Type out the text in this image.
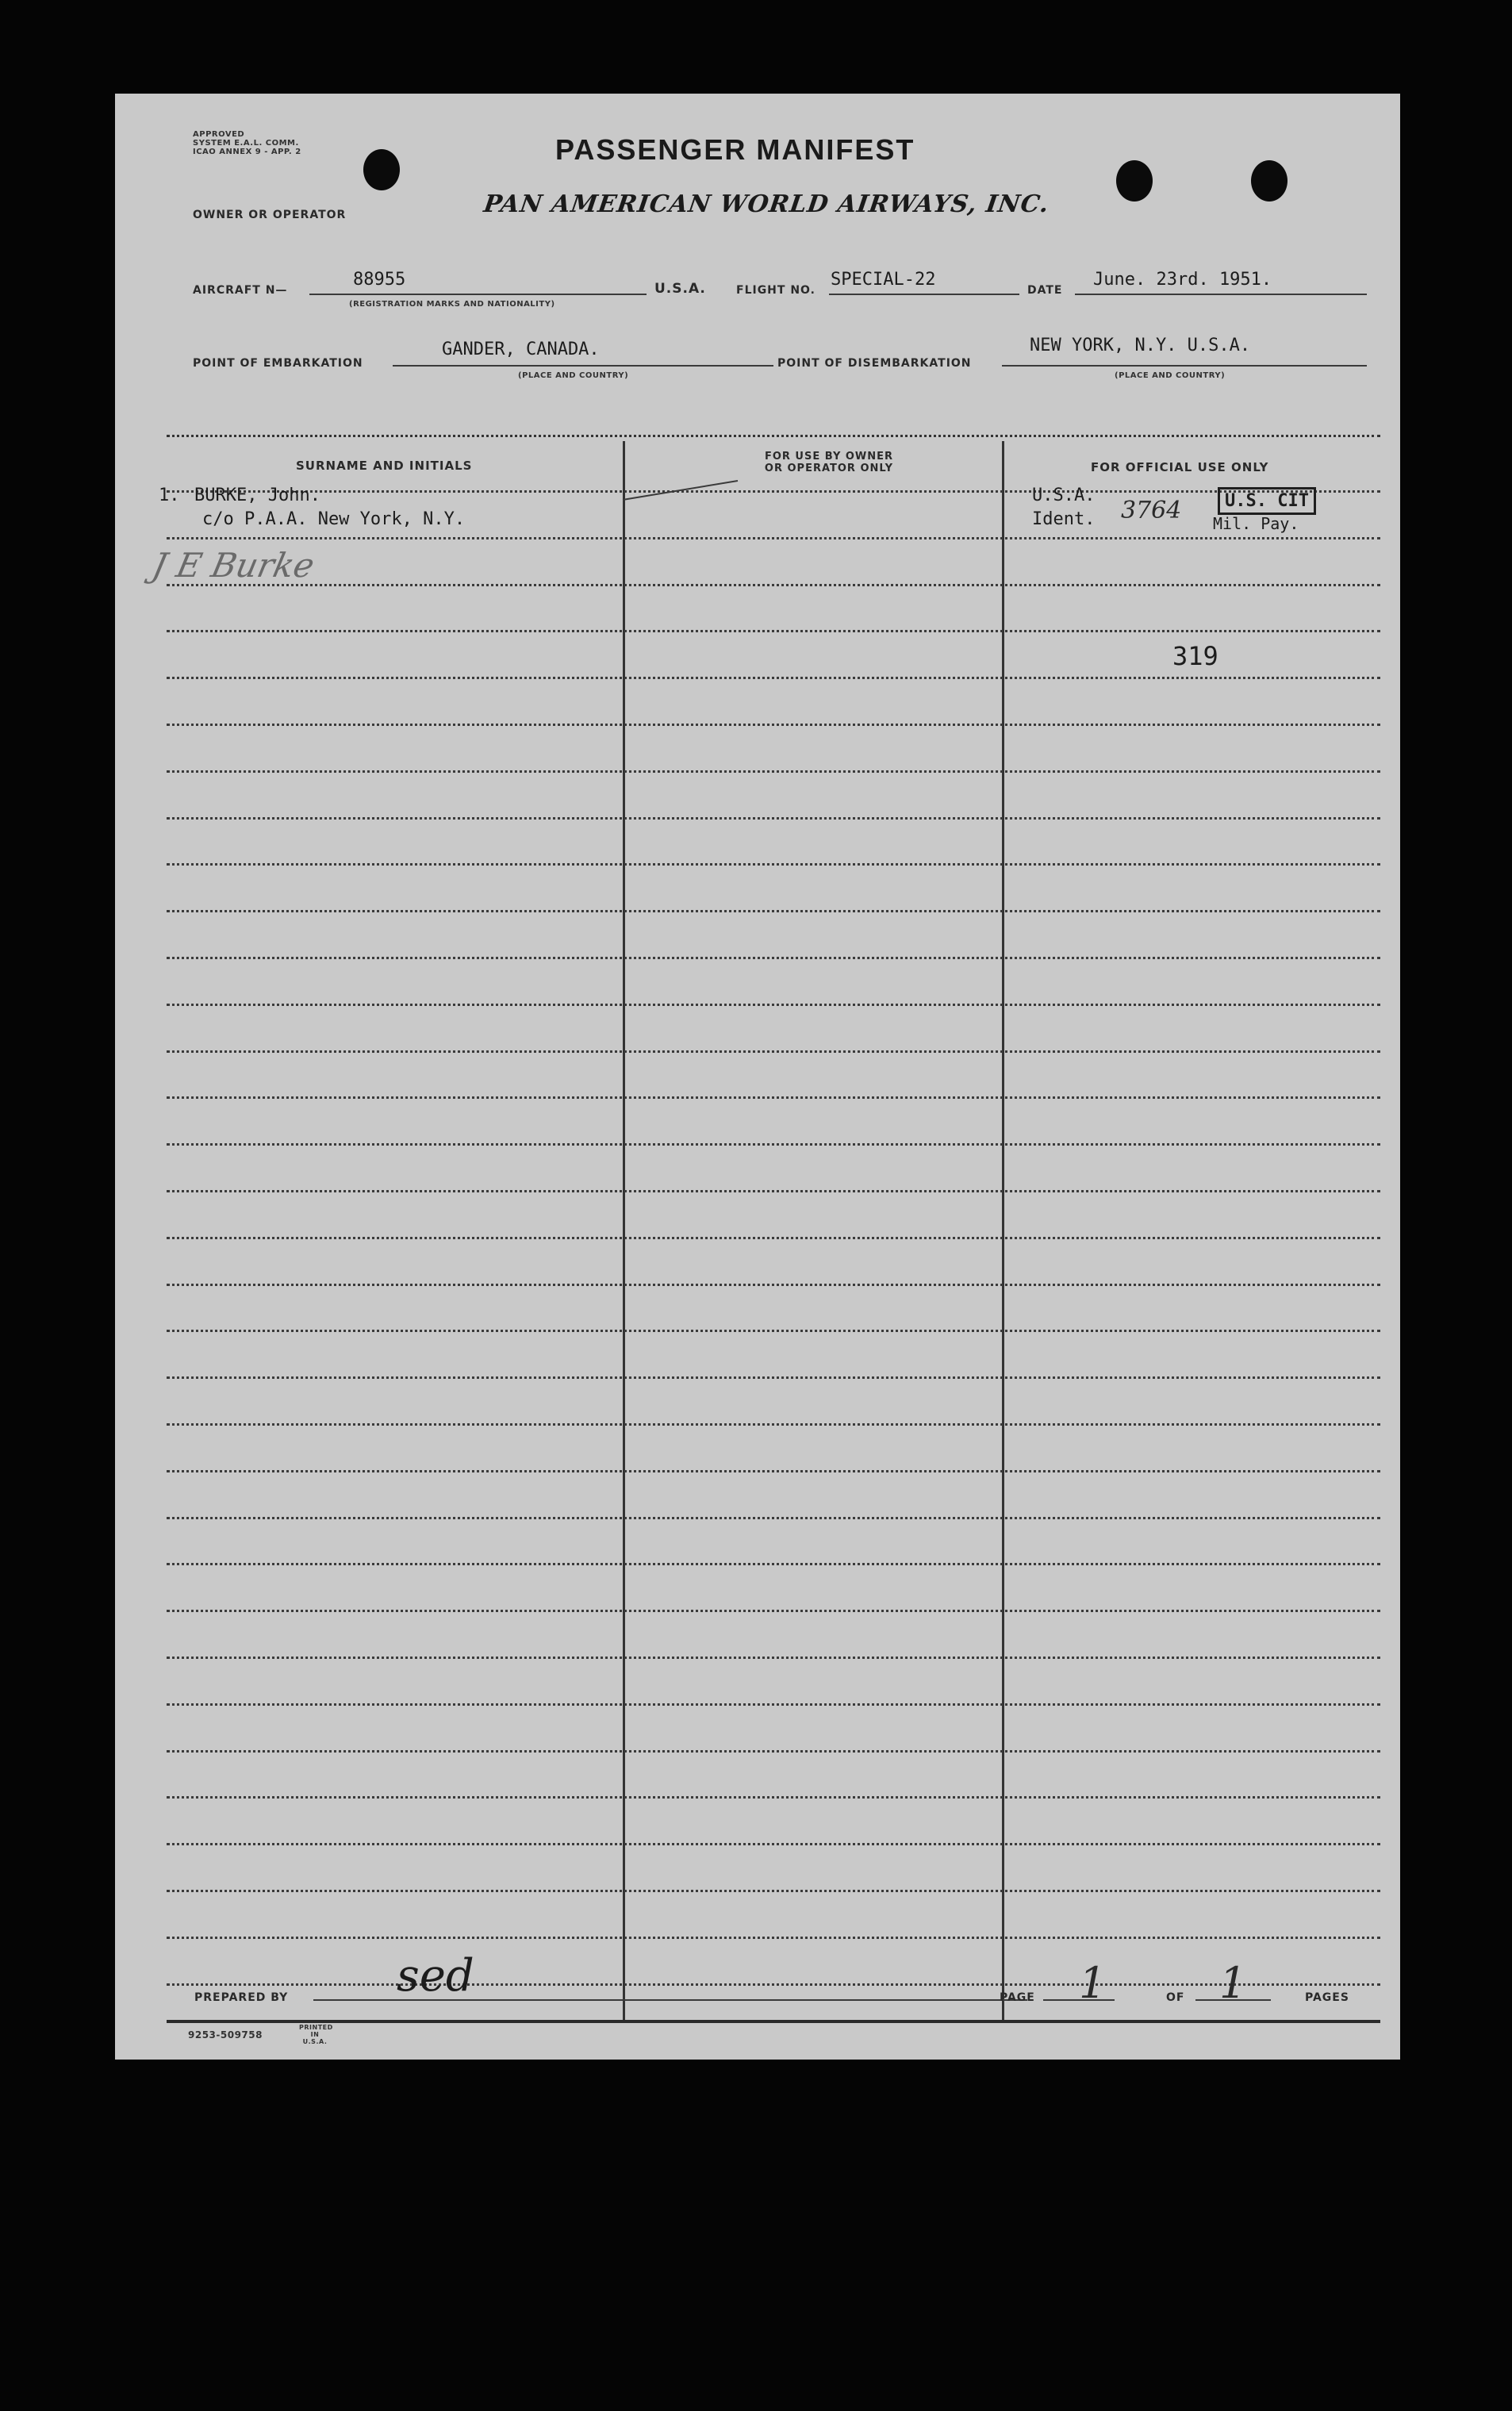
APPROVED
SYSTEM E.A.L. COMM.
ICAO ANNEX 9 - APP. 2	PASSENGER MANIFEST
OWNER OR OPERATOR	PAN AMERICAN WORLD AIRWAYS, INC.
AIRCRAFT N—
88955
(REGISTRATION MARKS AND NATIONALITY)
U.S.A.	FLIGHT NO.
SPECIAL-22
DATE
June. 23rd. 1951.
POINT OF EMBARKATION
GANDER, CANADA.
(PLACE AND COUNTRY)
POINT OF DISEMBARKATION
NEW YORK, N.Y. U.S.A.
(PLACE AND COUNTRY)
SURNAME AND INITIALS
FOR USE BY OWNER
OR OPERATOR ONLY	FOR OFFICIAL USE ONLY
1. BURKE, John.
c/o P.A.A. New York, N.Y.
J E Burke
U.S.A.
Ident. 3764	U.S. CIT
Mil. Pay.
319
PREPARED BY sed	PAGE 1	OF 1	PAGES
9253-509758
PRINTED IN U.S.A.
